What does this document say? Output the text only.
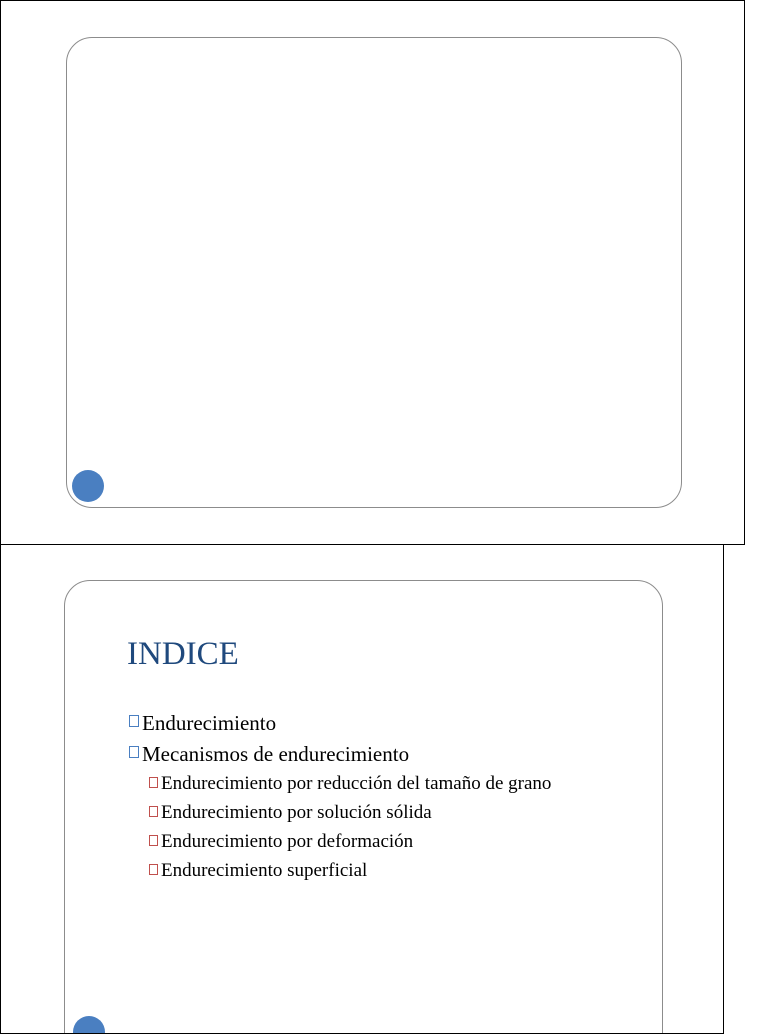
INDICE
Endurecimiento
Mecanismos de endurecimiento
Endurecimiento por reducción del tamaño de grano
Endurecimiento por solución sólida
Endurecimiento por deformación
Endurecimiento superficial
